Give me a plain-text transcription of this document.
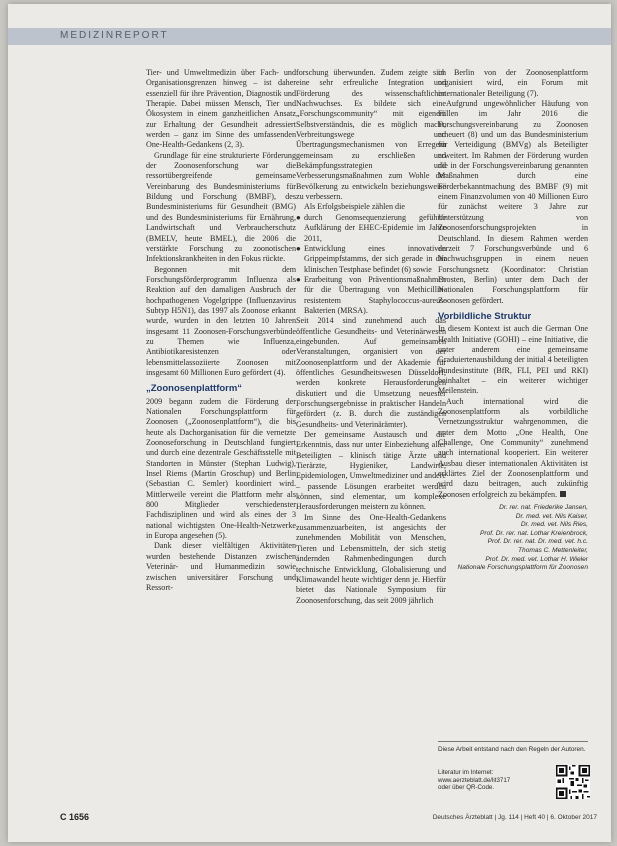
MEDIZINREPORT

Tier- und Umweltmedizin über Fach- und Organisationsgrenzen hinweg – ist daher essenziell für ihre Prävention, Diagnostik und Therapie. Dabei müssen Mensch, Tier und Ökosystem in einem ganzheitlichen Ansatz zur Erhaltung der Gesundheit adressiert werden – ganz im Sinne des umfassenden One-Health-Gedankens (2, 3).

Grundlage für eine strukturierte Förderung der Zoonosenforschung war die ressortübergreifende gemeinsame Vereinbarung des Bundesministeriums für Bildung und Forschung (BMBF), des Bundesministeriums für Gesundheit (BMG) und des Bundesministeriums für Ernährung, Landwirtschaft und Verbraucherschutz (BMELV, heute BMEL), die 2006 die verstärkte Forschung zu zoonotischen Infektionskrankheiten in den Fokus rückte.

Begonnen mit dem Forschungsförderprogramm Influenza als Reaktion auf den damaligen Ausbruch der hochpathogenen Vogelgrippe (Influenzavirus Subtyp H5N1), das 1997 als Zoonose erkannt wurde, wurden in den letzten 10 Jahren insgesamt 11 Zoonosen-Forschungsverbünde zu Themen wie Influenza, Antibiotikaresistenzen oder lebensmittelassoziierte Zoonosen mit insgesamt 60 Millionen Euro gefördert (4).

„Zoonosenplattform“

2009 begann zudem die Förderung der Nationalen Forschungsplattform für Zoonosen („Zoonosenplattform“), die bis heute als Dachorganisation für die vernetzte Zoonoseforschung in Deutschland fungiert und durch eine dezentrale Geschäftsstelle mit Standorten in Münster (Stephan Ludwig), Insel Riems (Martin Groschup) und Berlin (Sebastian C. Semler) koordiniert wird. Mittlerweile vereint die Plattform mehr als 800 Mitglieder verschiedenster Fachdisziplinen und wird als eines der 3 national wichtigsten One-Health-Netzwerke in Europa angesehen (5).

Dank dieser vielfältigen Aktivitäten wurden bestehende Distanzen zwischen Veterinär- und Humanmedizin sowie zwischen universitärer Forschung und Ressort-

forschung überwunden. Zudem zeigte sich eine sehr erfreuliche Integration und Förderung des wissenschaftlichen Nachwuchses. Es bildete sich eine „Forschungscommunity“ mit eigenem Selbstverständnis, die es möglich macht, Verbreitungswege und Übertragungsmechanismen von Erregern gemeinsam zu erschließen und Bekämpfungsstrategien und Verbesserungsmaßnahmen zum Wohle der Bevölkerung zu entwickeln beziehungsweise zu verbessern.

Als Erfolgsbeispiele zählen die

● durch Genomsequenzierung geführte Aufklärung der EHEC-Epidemie im Jahre 2011,

● Entwicklung eines innovativen Grippeimpfstamms, der sich gerade in der klinischen Testphase befindet (6) sowie

● Erarbeitung von Präventionsmaßnahmen für die Übertragung von Methicillin-resistentem Staphylococcus-aureus-Bakterien (MRSA).

Seit 2014 sind zunehmend auch das öffentliche Gesundheits- und Veterinärwesen eingebunden. Auf gemeinsamen Veranstaltungen, organisiert von der Zoonosenplattform und der Akademie für öffentliches Gesundheitswesen Düsseldorf, werden konkrete Herausforderungen diskutiert und die Umsetzung neuester Forschungsergebnisse in praktischer Handeln gefördert (z. B. durch die zuständigen Gesundheits- und Veterinärämter).

Der gemeinsame Austausch und die Erkenntnis, dass nur unter Einbeziehung aller Beteiligten – klinisch tätige Ärzte und Tierärzte, Hygieniker, Landwirte, Epidemiologen, Umweltmediziner und andere – passende Lösungen erarbeitet werden können, sind elementar, um komplexe Herausforderungen meistern zu können.

Im Sinne des One-Health-Gedankens zusammenzuarbeiten, ist angesichts der zunehmenden Mobilität von Menschen, Tieren und Lebensmitteln, der sich stetig ändernden Rahmenbedingungen durch technische Entwicklung, Globalisierung und Klimawandel heute wichtiger denn je. Hierfür bietet das Nationale Symposium für Zoonosenforschung, das seit 2009 jährlich

in Berlin von der Zoonosenplattform organisiert wird, ein Forum mit internationaler Beteiligung (7).

Aufgrund ungewöhnlicher Häufung von Fällen im Jahr 2016 die Forschungsvereinbarung zu Zoonosen erneuert (8) und um das Bundesministerium für Verteidigung (BMVg) als Beteiligter erweitert. Im Rahmen der Förderung wurden die in der Forschungsvereinbarung genannten Maßnahmen durch eine Förderbekanntmachung des BMBF (9) mit einem Finanzvolumen von 40 Millionen Euro für zunächst weitere 3 Jahre zur Unterstützung von Zoonosenforschungsprojekten in Deutschland. In diesem Rahmen werden derzeit 7 Forschungsverbünde und 6 Nachwuchsgruppen in einem neuen Forschungsnetz (Koordinator: Christian Drosten, Berlin) unter dem Dach der Nationalen Forschungsplattform für Zoonosen gefördert.

Vorbildliche Struktur

In diesem Kontext ist auch die German One Health Initiative (GOHI) – eine Initiative, die unter anderem eine gemeinsame Graduiertenausbildung der initial 4 beteiligten Bundesinstitute (BfR, FLI, PEI und RKI) beinhaltet – ein weiterer wichtiger Meilenstein.

Auch international wird die Zoonosenplattform als vorbildliche Vernetzungsstruktur wahrgenommen, die unter dem Motto „One Health, One Challenge, One Community“ zunehmend auch international kooperiert. Ein weiterer Ausbau dieser internationalen Aktivitäten ist erklärtes Ziel der Zoonosenplattform und wird dazu beitragen, auch zukünftig Zoonosen erfolgreich zu bekämpfen.

Dr. rer. nat. Friederike Jansen,
Dr. med. vet. Nils Kaiser,
Dr. med. vet. Nils Ries,
Prof. Dr. rer. nat. Lothar Kreienbrock,
Prof. Dr. rer. nat. Dr. med. vet. h.c.
Thomas C. Mettenleiter,
Prof. Dr. med. vet. Lothar H. Wieler
Nationale Forschungsplattform für Zoonosen
Diese Arbeit entstand nach den Regeln der Autoren.
Literatur im Internet:
www.aerzteblatt.de/lit3717
oder über QR-Code.
C 1656	Deutsches Ärzteblatt | Jg. 114 | Heft 40 | 6. Oktober 2017
